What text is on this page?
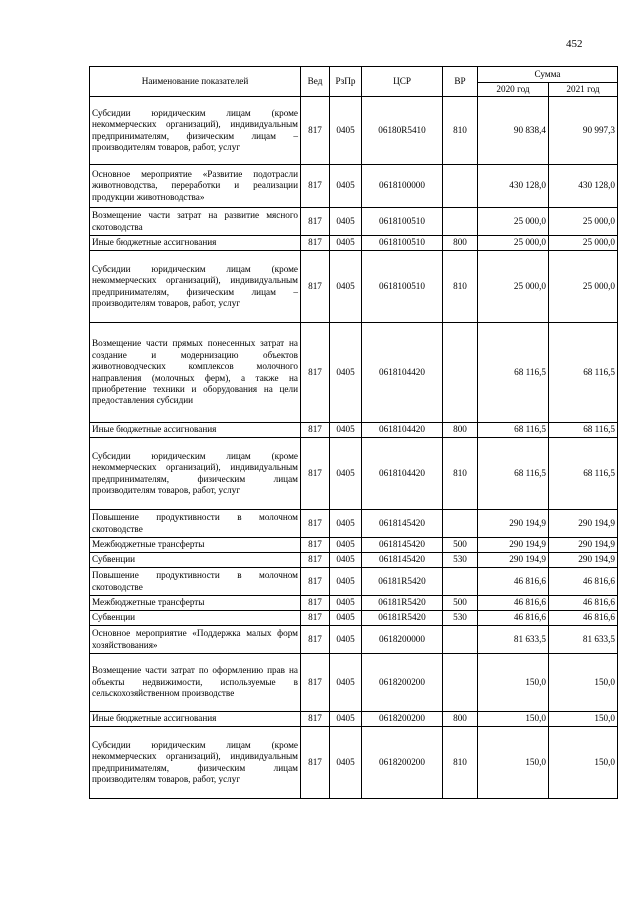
452
Наименование показателей	Вед	РзПр	ЦСР	ВР	Сумма	
					2020 год	2021 год
Субсидии юридическим лицам (кроме некоммерческих организаций), индивидуальным предпринимателям, физическим лицам – производителям товаров, работ, услуг	817	0405	06180R5410	810	90 838,4	90 997,3
Основное мероприятие «Развитие подотрасли животноводства, переработки и реализации продукции животноводства»	817	0405	0618100000		430 128,0	430 128,0
Возмещение части затрат на развитие мясного скотоводства	817	0405	0618100510		25 000,0	25 000,0
Иные бюджетные ассигнования	817	0405	0618100510	800	25 000,0	25 000,0
Субсидии юридическим лицам (кроме некоммерческих организаций), индивидуальным предпринимателям, физическим лицам – производителям товаров, работ, услуг	817	0405	0618100510	810	25 000,0	25 000,0
Возмещение части прямых понесенных затрат на создание и модернизацию объектов животноводческих комплексов молочного направления (молочных ферм), а также на приобретение техники и оборудования на цели предоставления субсидии	817	0405	0618104420		68 116,5	68 116,5
Иные бюджетные ассигнования	817	0405	0618104420	800	68 116,5	68 116,5
Субсидии юридическим лицам (кроме некоммерческих организаций), индивидуальным предпринимателям, физическим лицам производителям товаров, работ, услуг	817	0405	0618104420	810	68 116,5	68 116,5
Повышение продуктивности в молочном скотоводстве	817	0405	0618145420		290 194,9	290 194,9
Межбюджетные трансферты	817	0405	0618145420	500	290 194,9	290 194,9
Субвенции	817	0405	0618145420	530	290 194,9	290 194,9
Повышение продуктивности в молочном скотоводстве	817	0405	06181R5420		46 816,6	46 816,6
Межбюджетные трансферты	817	0405	06181R5420	500	46 816,6	46 816,6
Субвенции	817	0405	06181R5420	530	46 816,6	46 816,6
Основное мероприятие «Поддержка малых форм хозяйствования»	817	0405	0618200000		81 633,5	81 633,5
Возмещение части затрат по оформлению прав на объекты недвижимости, используемые в сельскохозяйственном производстве	817	0405	0618200200		150,0	150,0
Иные бюджетные ассигнования	817	0405	0618200200	800	150,0	150,0
Субсидии юридическим лицам (кроме некоммерческих организаций), индивидуальным предпринимателям, физическим лицам производителям товаров, работ, услуг	817	0405	0618200200	810	150,0	150,0
